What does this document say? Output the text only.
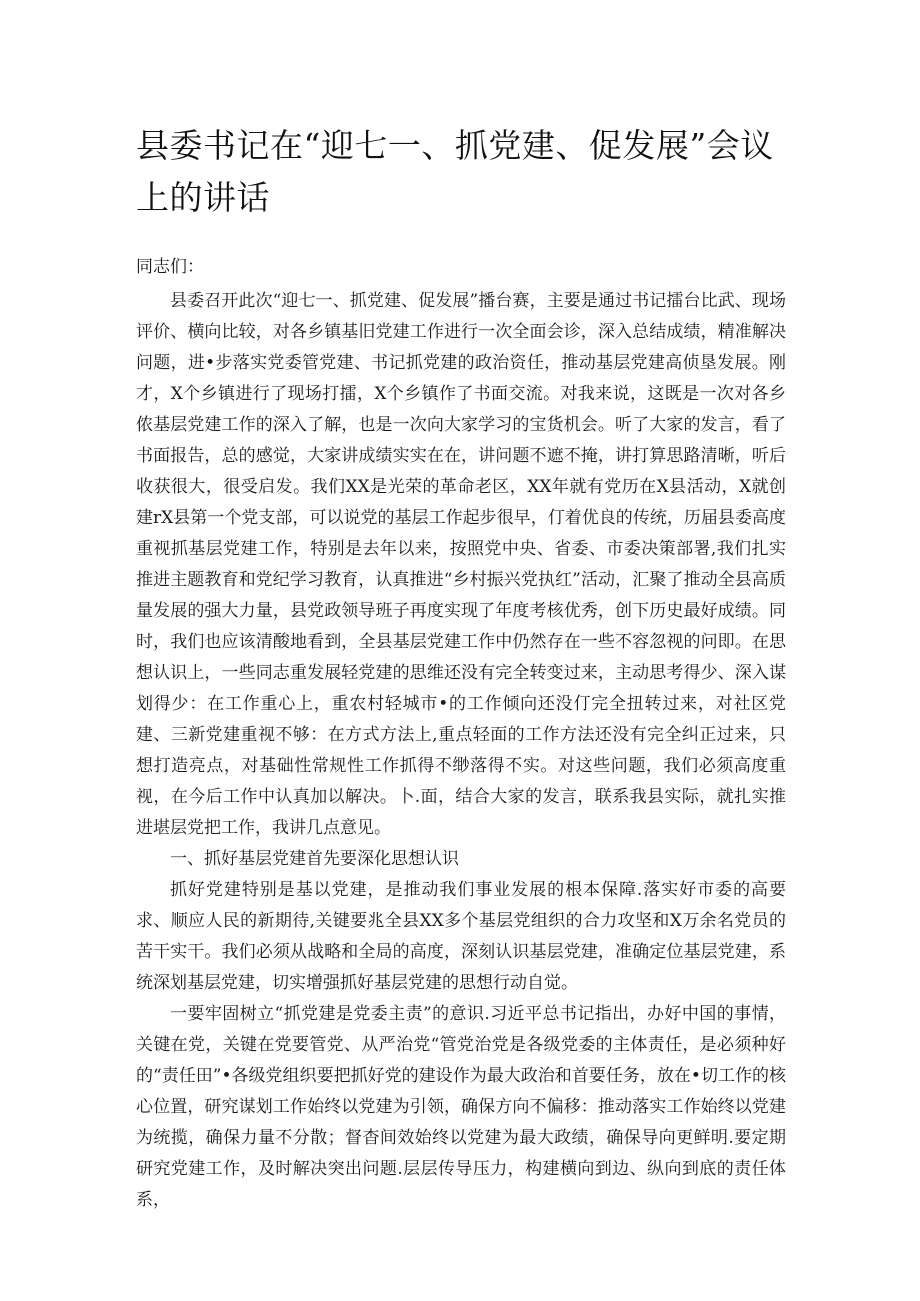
县委书记在“迎七一、抓党建、促发展”会议上的讲话

同志们：

县委召开此次“迎七一、抓党建、促发展”播台赛，主要是通过书记擂台比武、现场评价、横向比较，对各乡镇基旧党建工作进行一次全面会诊，深入总结成绩，精准解决问题，进•步落实党委管党建、书记抓党建的政治资任，推动基层党建高侦垦发展。刚才，X个乡镇进行了现场打擂，X个乡镇作了书面交流。对我来说，这既是一次对各乡侬基层党建工作的深入了解，也是一次向大家学习的宝货机会。听了大家的发言，看了书面报告，总的感觉，大家讲成绩实实在在，讲问题不遮不掩，讲打算思路清晰，听后收获很大，很受启发。我们XX是光荣的革命老区，XX年就有党历在X县活动，X就创建rX县第一个党支部，可以说党的基层工作起步很早，仃着优良的传统，历届县委高度重视抓基层党建工作，特别是去年以来，按照党中央、省委、市委决策部署,我们扎实推进主题教育和党纪学习教育，认真推进“乡村振兴党执红”活动，汇聚了推动全县高质量发展的强大力量，县党政领导班子再度实现了年度考核优秀，创下历史最好成绩。同时，我们也应该清酸地看到，全县基层党建工作中仍然存在一些不容忽视的问即。在思想认识上，一些同志重发展轻党建的思维还没有完全转变过来，主动思考得少、深入谋划得少：在工作重心上，重农村轻城市•的工作倾向还没仃完全扭转过来，对社区党建、三新党建重视不够：在方式方法上,重点轻面的工作方法还没有完全纠正过来，只想打造亮点，对基础性常规性工作抓得不缈落得不实。对这些问题，我们必须高度重视，在今后工作中认真加以解决。卜.面，结合大家的发言，联系我县实际，就扎实推进堪层党把工作，我讲几点意见。

一、抓好基层党建首先要深化思想认识

抓好党建特别是基以党建，是推动我们事业发展的根本保障.落实好市委的高要求、顺应人民的新期待,关键要兆全县XX多个基层党组织的合力攻坚和X万余名党员的苦干实干。我们必须从战略和全局的高度，深刻认识基层党建，准确定位基层党建，系统深划基层党建，切实增强抓好基层党建的思想行动自觉。

一要牢固树立“抓党建是党委主责”的意识.习近平总书记指出，办好中国的事情，关键在党，关键在党要管党、从严治党“管党治党是各级党委的主体责任，是必须种好的“责任田”•各级党组织要把抓好党的建设作为最大政治和首要任务，放在•切工作的核心位置，研究谋划工作始终以党建为引领，确保方向不偏移：推动落实工作始终以党建为统揽，确保力量不分散；督杳间效始终以党建为最大政绩，确保导向更鲜明.要定期研究党建工作，及时解决突出问题.层层传导压力，构建横向到边、纵向到底的责任体系，
